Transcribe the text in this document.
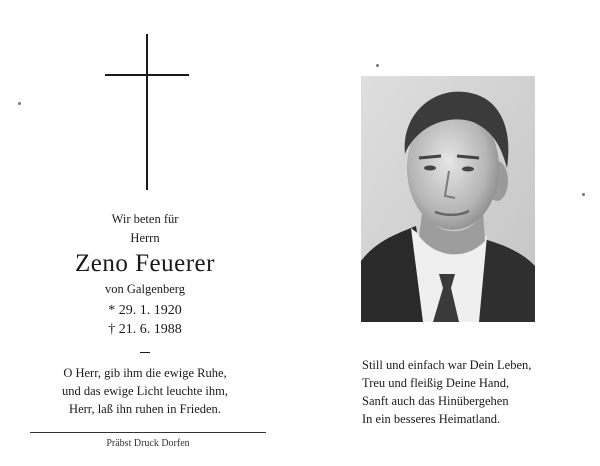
Wir beten für
Herrn
Zeno Feuerer
von Galgenberg
* 29. 1. 1920
† 21. 6. 1988
O Herr, gib ihm die ewige Ruhe,
und das ewige Licht leuchte ihm,
Herr, laß ihn ruhen in Frieden.
Präbst Druck Dorfen
Still und einfach war Dein Leben,
Treu und fleißig Deine Hand,
Sanft auch das Hinübergehen
In ein besseres Heimatland.
